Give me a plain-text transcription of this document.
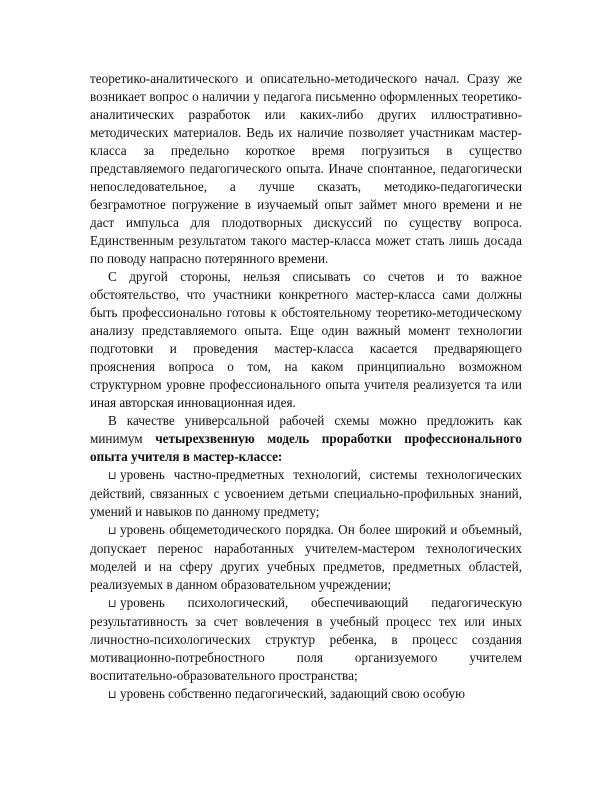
теоретико-аналитического и описательно-методического начал. Сразу же возникает вопрос о наличии у педагога письменно оформленных теоретико-аналитических разработок или каких-либо других иллюстративно-методических материалов. Ведь их наличие позволяет участникам мастер-класса за предельно короткое время погрузиться в существо представляемого педагогического опыта. Иначе спонтанное, педагогически непоследовательное, а лучше сказать, методико-педагогически безграмотное погружение в изучаемый опыт займет много времени и не даст импульса для плодотворных дискуссий по существу вопроса. Единственным результатом такого мастер-класса может стать лишь досада по поводу напрасно потерянного времени.

С другой стороны, нельзя списывать со счетов и то важное обстоятельство, что участники конкретного мастер-класса сами должны быть профессионально готовы к обстоятельному теоретико-методическому анализу представляемого опыта. Еще один важный момент технологии подготовки и проведения мастер-класса касается предваряющего прояснения вопроса о том, на каком принципиально возможном структурном уровне профессионального опыта учителя реализуется та или иная авторская инновационная идея.

В качестве универсальной рабочей схемы можно предложить как минимум четырехзвенную модель проработки профессионального опыта учителя в мастер-классе:

⊔ уровень частно-предметных технологий, системы технологических действий, связанных с усвоением детьми специально-профильных знаний, умений и навыков по данному предмету;

⊔ уровень общеметодического порядка. Он более широкий и объемный, допускает перенос наработанных учителем-мастером технологических моделей и на сферу других учебных предметов, предметных областей, реализуемых в данном образовательном учреждении;

⊔ уровень психологический, обеспечивающий педагогическую результативность за счет вовлечения в учебный процесс тех или иных личностно-психологических структур ребенка, в процесс создания мотивационно-потребностного поля организуемого учителем воспитательно-образовательного пространства;

⊔ уровень собственно педагогический, задающий свою особую
